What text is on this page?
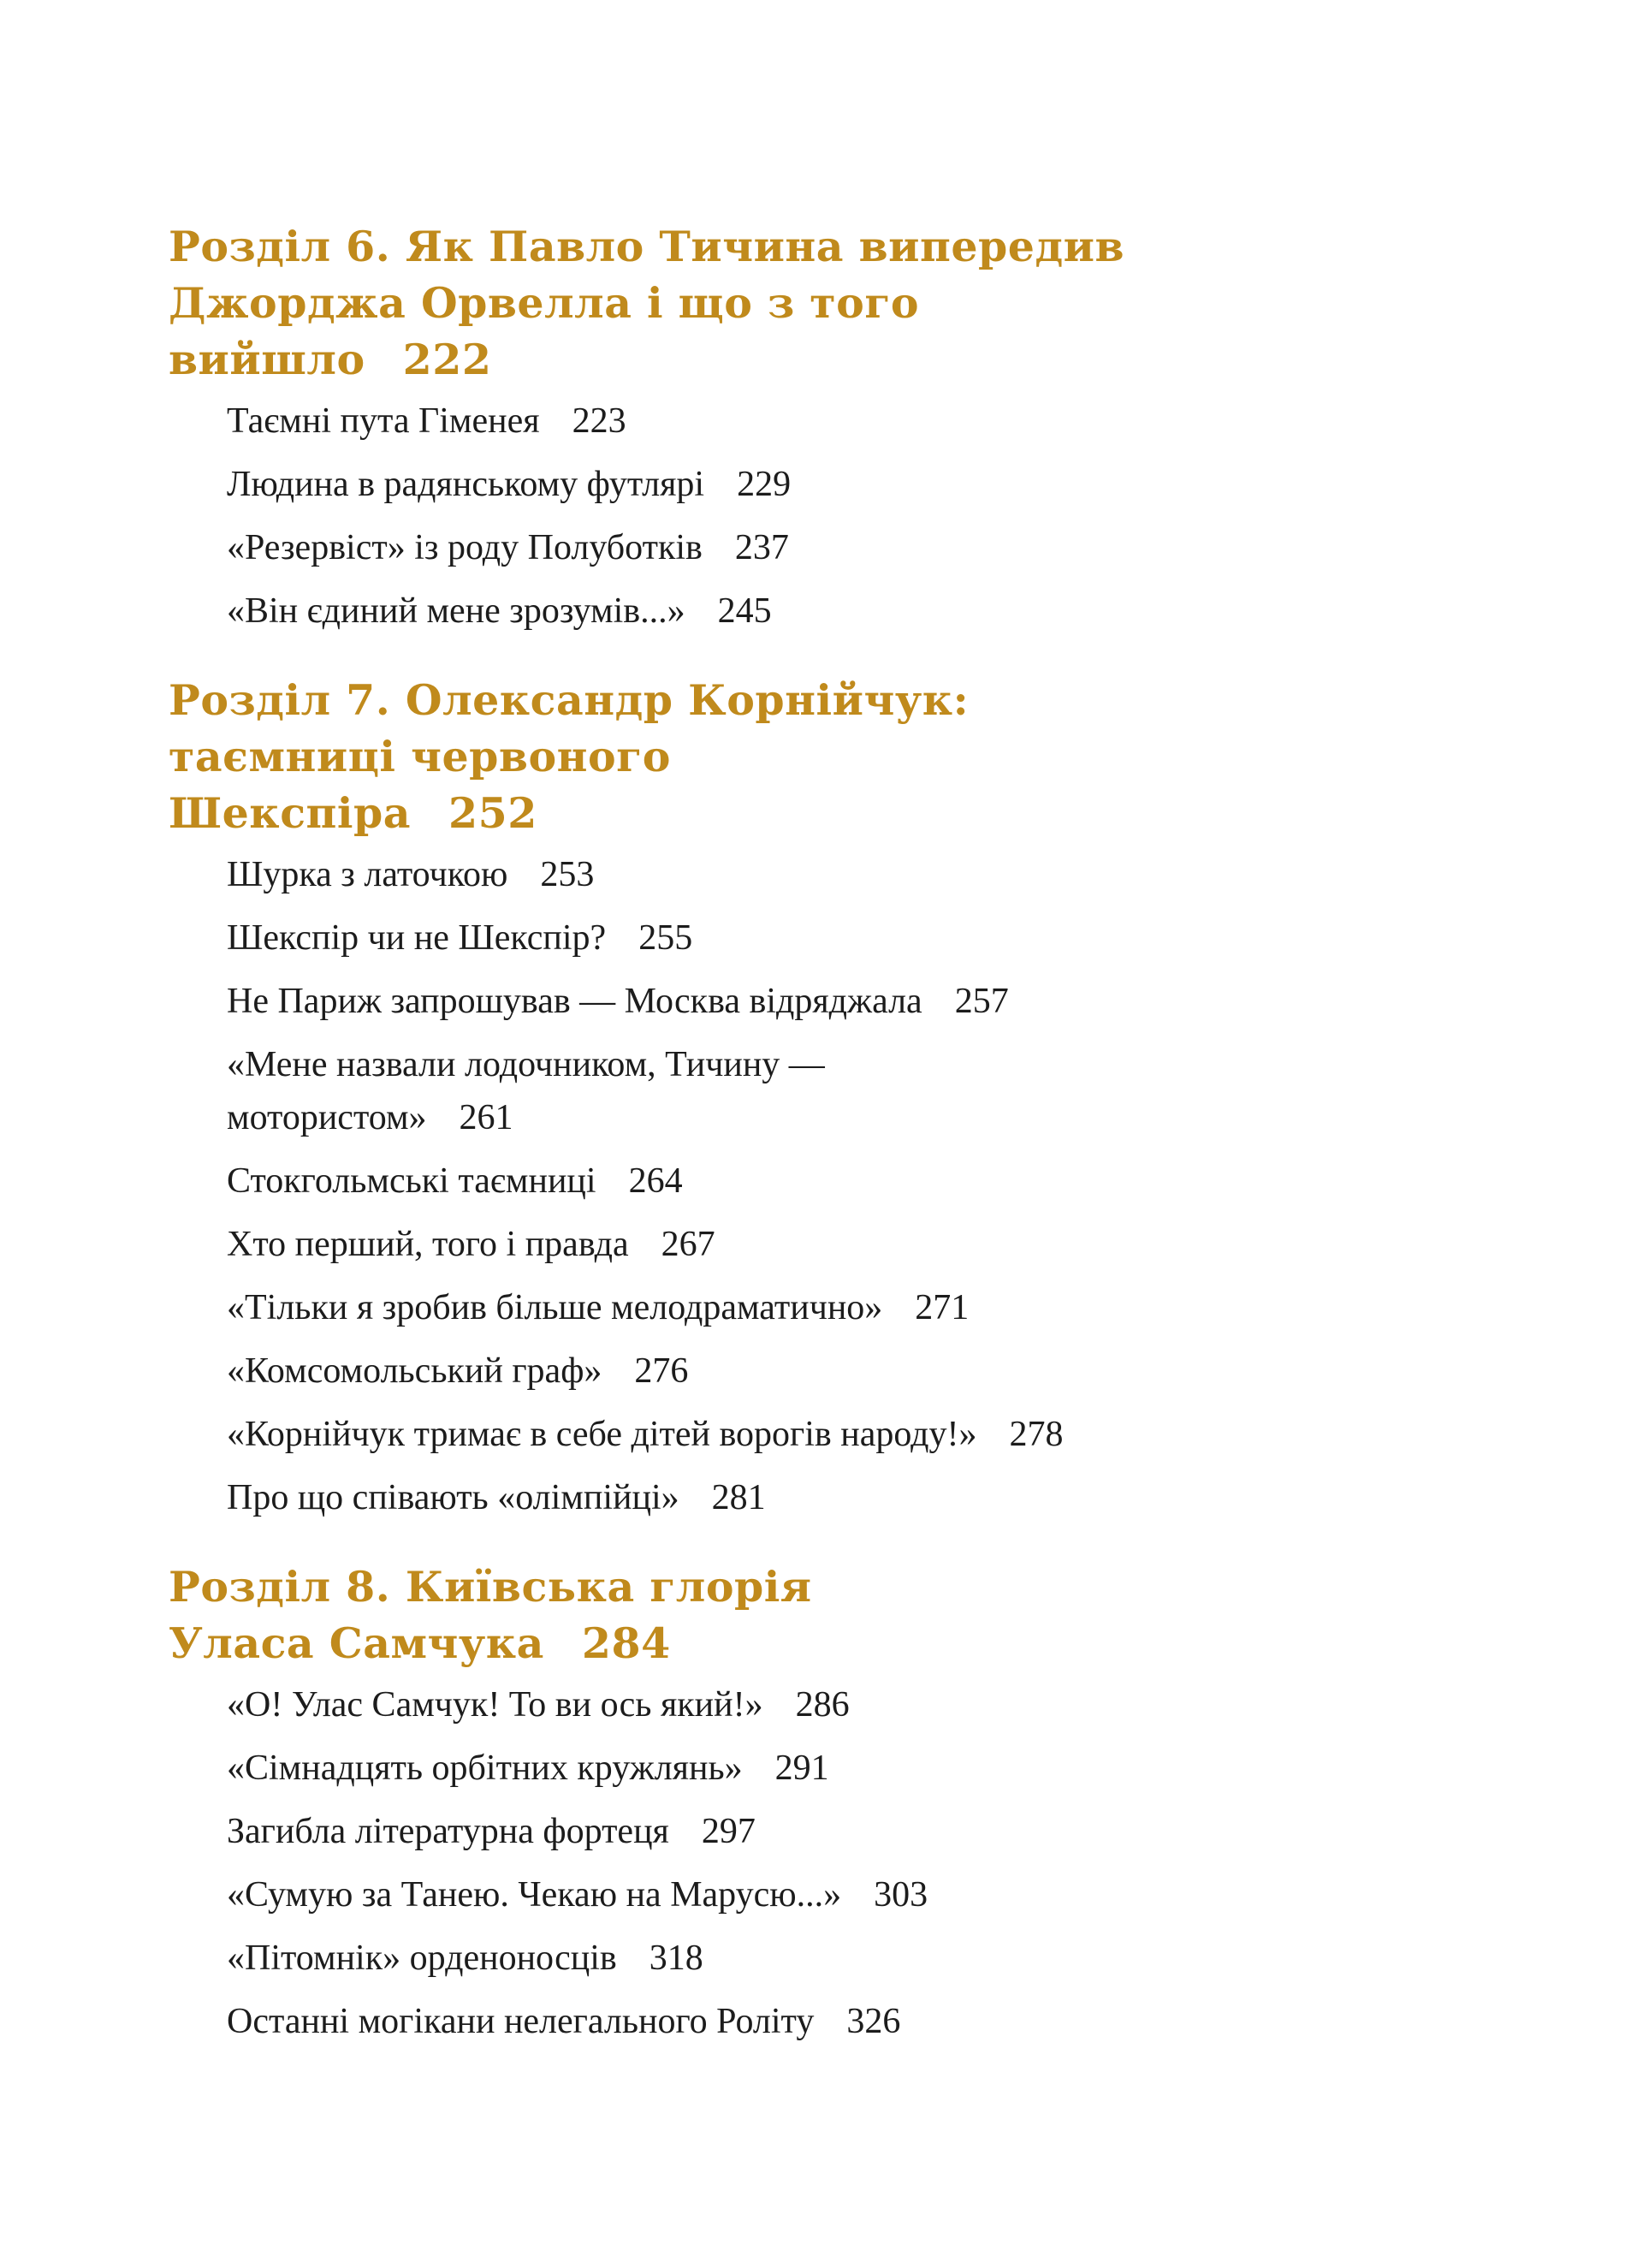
Розділ 6. Як Павло Тичина випередив Джорджа Орвелла і що з того вийшло 222
Таємні пута Гіменея 223
Людина в радянському футлярі 229
«Резервіст» із роду Полуботків 237
«Він єдиний мене зрозумів...» 245
Розділ 7. Олександр Корнійчук: таємниці червоного Шекспіра 252
Шурка з латочкою 253
Шекспір чи не Шекспір? 255
Не Париж запрошував — Москва відряджала 257
«Мене назвали лодочником, Тичину — мотористом» 261
Стокгольмські таємниці 264
Хто перший, того і правда 267
«Тільки я зробив більше мелодраматично» 271
«Комсомольський граф» 276
«Корнійчук тримає в себе дітей ворогів народу!» 278
Про що співають «олімпійці» 281
Розділ 8. Київська глорія Уласа Самчука 284
«О! Улас Самчук! То ви ось який!» 286
«Сімнадцять орбітних кружлянь» 291
Загибла літературна фортеця 297
«Сумую за Танею. Чекаю на Марусю...» 303
«Пітомнік» орденоносців 318
Останні могікани нелегального Роліту 326
